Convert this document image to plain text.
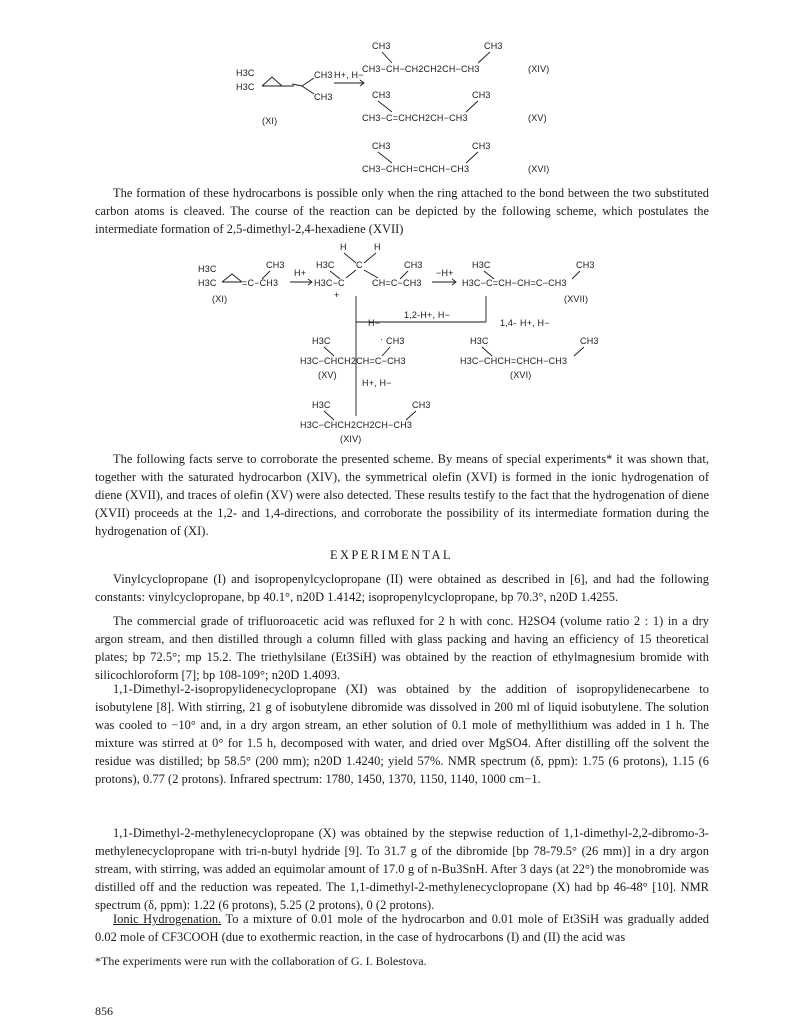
H3C
H3C
CH3
CH3
H+, H−
(XI)
CH3	CH3
CH3−CH−CH2CH2CH−CH3	(XIV)
CH3	CH3
CH3−C=CHCH2CH−CH3	(XV)
CH3	CH3
CH3−CHCH=CHCH−CH3	(XVI)

The formation of these hydrocarbons is possible only when the ring attached to the bond between the two substituted carbon atoms is cleaved. The course of the reaction can be depicted by the following scheme, which postulates the intermediate formation of 2,5-dimethyl-2,4-hexadiene (XVII)

H	H
H3C
H3C	=C−CH3
CH3
(XI)
H+
H3C
H3C−C
+
C	CH3
CH=C−CH3
−H+
H3C	CH3
H3C−C=CH−CH=C−CH3
(XVII)
H−
1,2-H+, H−
1,4- H+, H−
H3C	· CH3
H3C−CHCH2CH=C−CH3
(XV)
H3C	CH3
H3C−CHCH=CHCH−CH3
(XVI)
H+, H−
H3C	CH3
H3C−CHCH2CH2CH−CH3
(XIV)

The following facts serve to corroborate the presented scheme. By means of special experiments* it was shown that, together with the saturated hydrocarbon (XIV), the symmetrical olefin (XVI) is formed in the ionic hydrogenation of diene (XVII), and traces of olefin (XV) were also detected. These results testify to the fact that the hydrogenation of diene (XVII) proceeds at the 1,2- and 1,4-directions, and corroborate the possibility of its intermediate formation during the hydrogenation of (XI).

EXPERIMENTAL

Vinylcyclopropane (I) and isopropenylcyclopropane (II) were obtained as described in [6], and had the following constants: vinylcyclopropane, bp 40.1°, n20D 1.4142; isopropenylcyclopropane, bp 70.3°, n20D 1.4255.

The commercial grade of trifluoroacetic acid was refluxed for 2 h with conc. H2SO4 (volume ratio 2 : 1) in a dry argon stream, and then distilled through a column filled with glass packing and having an efficiency of 15 theoretical plates; bp 72.5°; mp 15.2. The triethylsilane (Et3SiH) was obtained by the reaction of ethylmagnesium bromide with silicochloroform [7]; bp 108-109°; n20D 1.4093.

1,1-Dimethyl-2-isopropylidenecyclopropane (XI) was obtained by the addition of isopropylidenecarbene to isobutylene [8]. With stirring, 21 g of isobutylene dibromide was dissolved in 200 ml of liquid isobutylene. The solution was cooled to −10° and, in a dry argon stream, an ether solution of 0.1 mole of methyllithium was added in 1 h. The mixture was stirred at 0° for 1.5 h, decomposed with water, and dried over MgSO4. After distilling off the solvent the residue was distilled; bp 58.5° (200 mm); n20D 1.4240; yield 57%. NMR spectrum (δ, ppm): 1.75 (6 protons), 1.15 (6 protons), 0.77 (2 protons). Infrared spectrum: 1780, 1450, 1370, 1150, 1140, 1000 cm−1.

1,1-Dimethyl-2-methylenecyclopropane (X) was obtained by the stepwise reduction of 1,1-dimethyl-2,2-dibromo-3-methylenecyclopropane with tri-n-butyl hydride [9]. To 31.7 g of the dibromide [bp 78-79.5° (26 mm)] in a dry argon stream, with stirring, was added an equimolar amount of 17.0 g of n-Bu3SnH. After 3 days (at 22°) the monobromide was distilled off and the reduction was repeated. The 1,1-dimethyl-2-methylenecyclopropane (X) had bp 46-48° [10]. NMR spectrum (δ, ppm): 1.22 (6 protons), 5.25 (2 protons), 0 (2 protons).

Ionic Hydrogenation. To a mixture of 0.01 mole of the hydrocarbon and 0.01 mole of Et3SiH was gradually added 0.02 mole of CF3COOH (due to exothermic reaction, in the case of hydrocarbons (I) and (II) the acid was

*The experiments were run with the collaboration of G. I. Bolestova.
856
